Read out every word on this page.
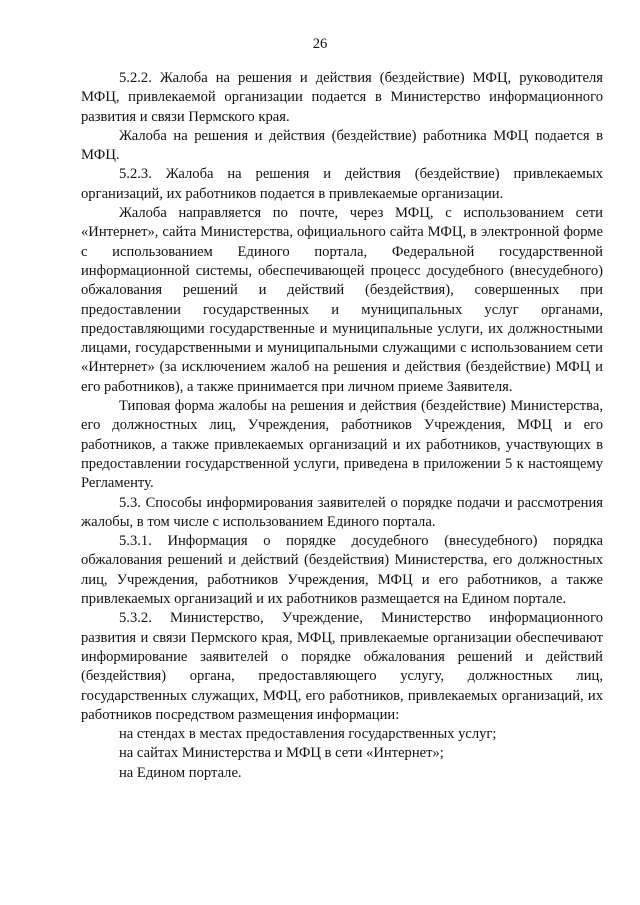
26

5.2.2. Жалоба на решения и действия (бездействие) МФЦ, руководителя МФЦ, привлекаемой организации подается в Министерство информационного развития и связи Пермского края.

Жалоба на решения и действия (бездействие) работника МФЦ подается в МФЦ.

5.2.3. Жалоба на решения и действия (бездействие) привлекаемых организаций, их работников подается в привлекаемые организации.

Жалоба направляется по почте, через МФЦ, с использованием сети «Интернет», сайта Министерства, официального сайта МФЦ, в электронной форме с использованием Единого портала, Федеральной государственной информационной системы, обеспечивающей процесс досудебного (внесудебного) обжалования решений и действий (бездействия), совершенных при предоставлении государственных и муниципальных услуг органами, предоставляющими государственные и муниципальные услуги, их должностными лицами, государственными и муниципальными служащими с использованием сети «Интернет» (за исключением жалоб на решения и действия (бездействие) МФЦ и его работников), а также принимается при личном приеме Заявителя.

Типовая форма жалобы на решения и действия (бездействие) Министерства, его должностных лиц, Учреждения, работников Учреждения, МФЦ и его работников, а также привлекаемых организаций и их работников, участвующих в предоставлении государственной услуги, приведена в приложении 5 к настоящему Регламенту.

5.3. Способы информирования заявителей о порядке подачи и рассмотрения жалобы, в том числе с использованием Единого портала.

5.3.1. Информация о порядке досудебного (внесудебного) порядка обжалования решений и действий (бездействия) Министерства, его должностных лиц, Учреждения, работников Учреждения, МФЦ и его работников, а также привлекаемых организаций и их работников размещается на Едином портале.

5.3.2. Министерство, Учреждение, Министерство информационного развития и связи Пермского края, МФЦ, привлекаемые организации обеспечивают информирование заявителей о порядке обжалования решений и действий (бездействия) органа, предоставляющего услугу, должностных лиц, государственных служащих, МФЦ, его работников, привлекаемых организаций, их работников посредством размещения информации:

на стендах в местах предоставления государственных услуг;

на сайтах Министерства и МФЦ в сети «Интернет»;

на Едином портале.
